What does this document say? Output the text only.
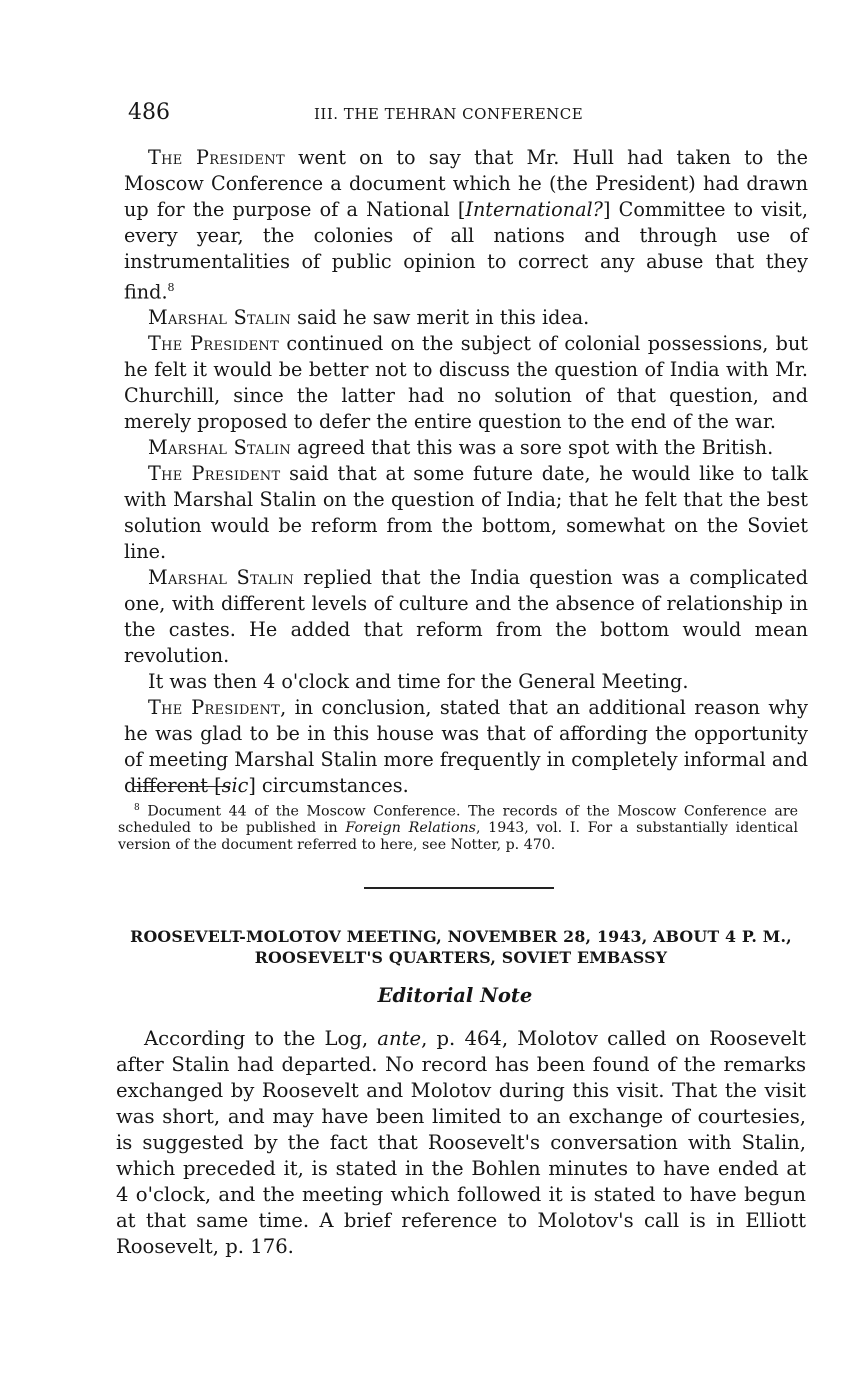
486	III. THE TEHRAN CONFERENCE

The President went on to say that Mr. Hull had taken to the Moscow Conference a document which he (the President) had drawn up for the purpose of a National [International?] Committee to visit, every year, the colonies of all nations and through use of instrumentalities of public opinion to correct any abuse that they find.$^8$

Marshal Stalin said he saw merit in this idea.

The President continued on the subject of colonial possessions, but he felt it would be better not to discuss the question of India with Mr. Churchill, since the latter had no solution of that question, and merely proposed to defer the entire question to the end of the war.

Marshal Stalin agreed that this was a sore spot with the British.

The President said that at some future date, he would like to talk with Marshal Stalin on the question of India; that he felt that the best solution would be reform from the bottom, somewhat on the Soviet line.

Marshal Stalin replied that the India question was a complicated one, with different levels of culture and the absence of relationship in the castes. He added that reform from the bottom would mean revolution.

It was then 4 o'clock and time for the General Meeting.

The President, in conclusion, stated that an additional reason why he was glad to be in this house was that of affording the opportunity of meeting Marshal Stalin more frequently in completely informal and different [sic] circumstances.

$^8$ Document 44 of the Moscow Conference. The records of the Moscow Conference are scheduled to be published in Foreign Relations, 1943, vol. I. For a substantially identical version of the document referred to here, see Notter, p. 470.

ROOSEVELT-MOLOTOV MEETING, NOVEMBER 28, 1943, ABOUT 4 P. M.,
ROOSEVELT'S QUARTERS, SOVIET EMBASSY
Editorial Note

According to the Log, ante, p. 464, Molotov called on Roosevelt after Stalin had departed. No record has been found of the remarks exchanged by Roosevelt and Molotov during this visit. That the visit was short, and may have been limited to an exchange of courtesies, is suggested by the fact that Roosevelt's conversation with Stalin, which preceded it, is stated in the Bohlen minutes to have ended at 4 o'clock, and the meeting which followed it is stated to have begun at that same time. A brief reference to Molotov's call is in Elliott Roosevelt, p. 176.
